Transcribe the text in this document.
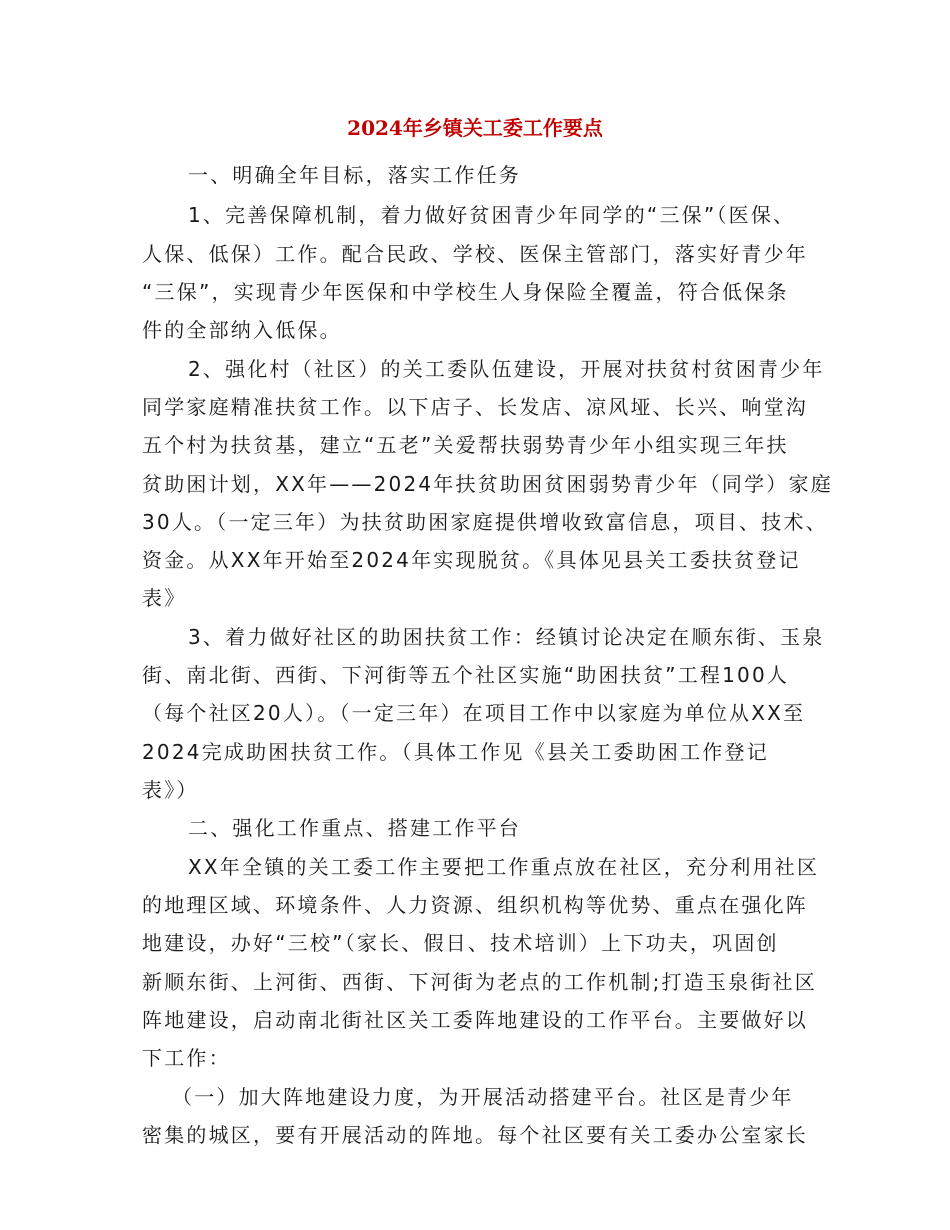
2024年乡镇关工委工作要点

一、明确全年目标，落实工作任务

1、完善保障机制，着力做好贫困青少年同学的“三保”（医保、

人保、低保）工作。配合民政、学校、医保主管部门，落实好青少年

“三保”，实现青少年医保和中学校生人身保险全覆盖，符合低保条

件的全部纳入低保。

2、强化村（社区）的关工委队伍建设，开展对扶贫村贫困青少年

同学家庭精准扶贫工作。以下店子、长发店、凉风垭、长兴、响堂沟

五个村为扶贫基，建立“五老”关爱帮扶弱势青少年小组实现三年扶

贫助困计划，XX年——2024年扶贫助困贫困弱势青少年（同学）家庭

30人。（一定三年）为扶贫助困家庭提供增收致富信息，项目、技术、

资金。从XX年开始至2024年实现脱贫。《具体见县关工委扶贫登记

表》

3、着力做好社区的助困扶贫工作：经镇讨论决定在顺东街、玉泉

街、南北街、西街、下河街等五个社区实施“助困扶贫”工程100人

（每个社区20人）。（一定三年）在项目工作中以家庭为单位从XX至

2024完成助困扶贫工作。（具体工作见《县关工委助困工作登记

表》）

二、强化工作重点、搭建工作平台

XX年全镇的关工委工作主要把工作重点放在社区，充分利用社区

的地理区域、环境条件、人力资源、组织机构等优势、重点在强化阵

地建设，办好“三校”（家长、假日、技术培训）上下功夫，巩固创

新顺东街、上河街、西街、下河街为老点的工作机制;打造玉泉街社区

阵地建设，启动南北街社区关工委阵地建设的工作平台。主要做好以

下工作：

（一）加大阵地建设力度，为开展活动搭建平台。社区是青少年

密集的城区，要有开展活动的阵地。每个社区要有关工委办公室家长
